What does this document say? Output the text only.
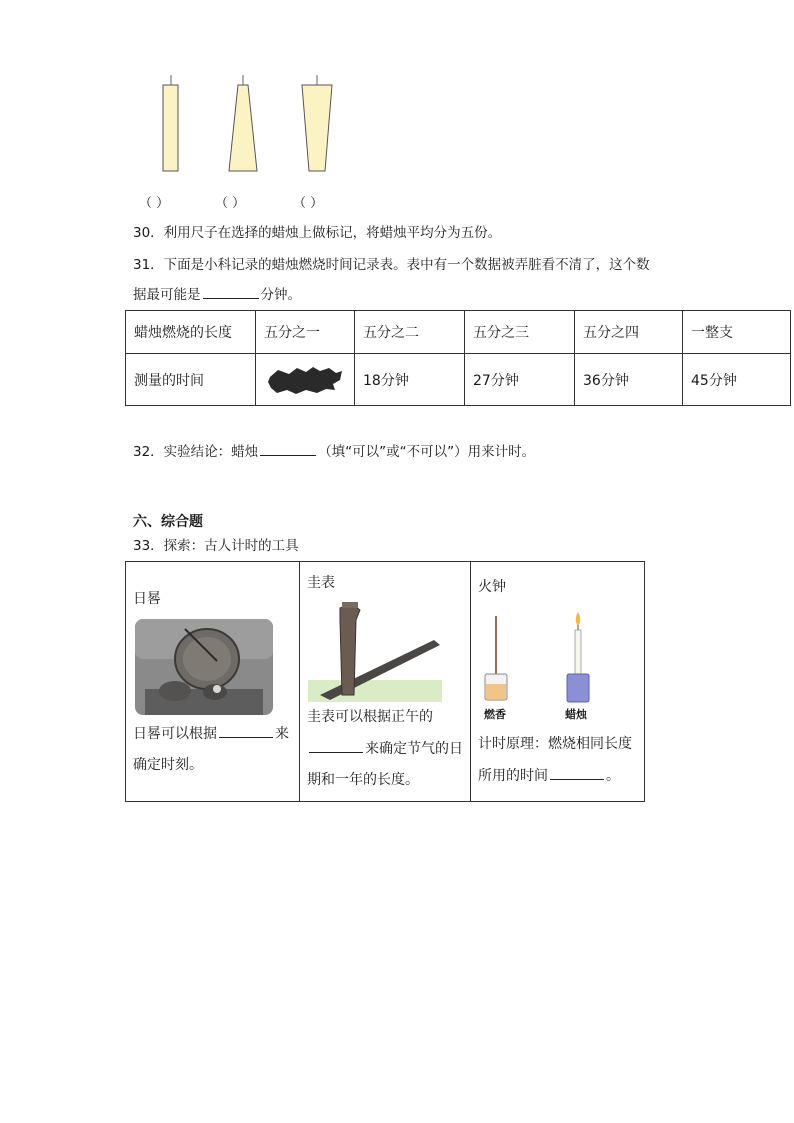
（ ）	（ ）	（ ）
30．利用尺子在选择的蜡烛上做标记，将蜡烛平均分为五份。
31．下面是小科记录的蜡烛燃烧时间记录表。表中有一个数据被弄脏看不清了，这个数
据最可能是	分钟。
蜡烛燃烧的长度	五分之一	五分之二	五分之三	五分之四	一整支
测量的时间		18分钟	27分钟	36分钟	45分钟
32．实验结论：蜡烛	（填“可以”或“不可以”）用来计时。
六、综合题
33．探索：古人计时的工具
日晷
日晷可以根据	来
确定时刻。

圭表
圭表可以根据正午的
来确定节气的日
期和一年的长度。

火钟
燃香	蜡烛
计时原理：燃烧相同长度
所用的时间	。
